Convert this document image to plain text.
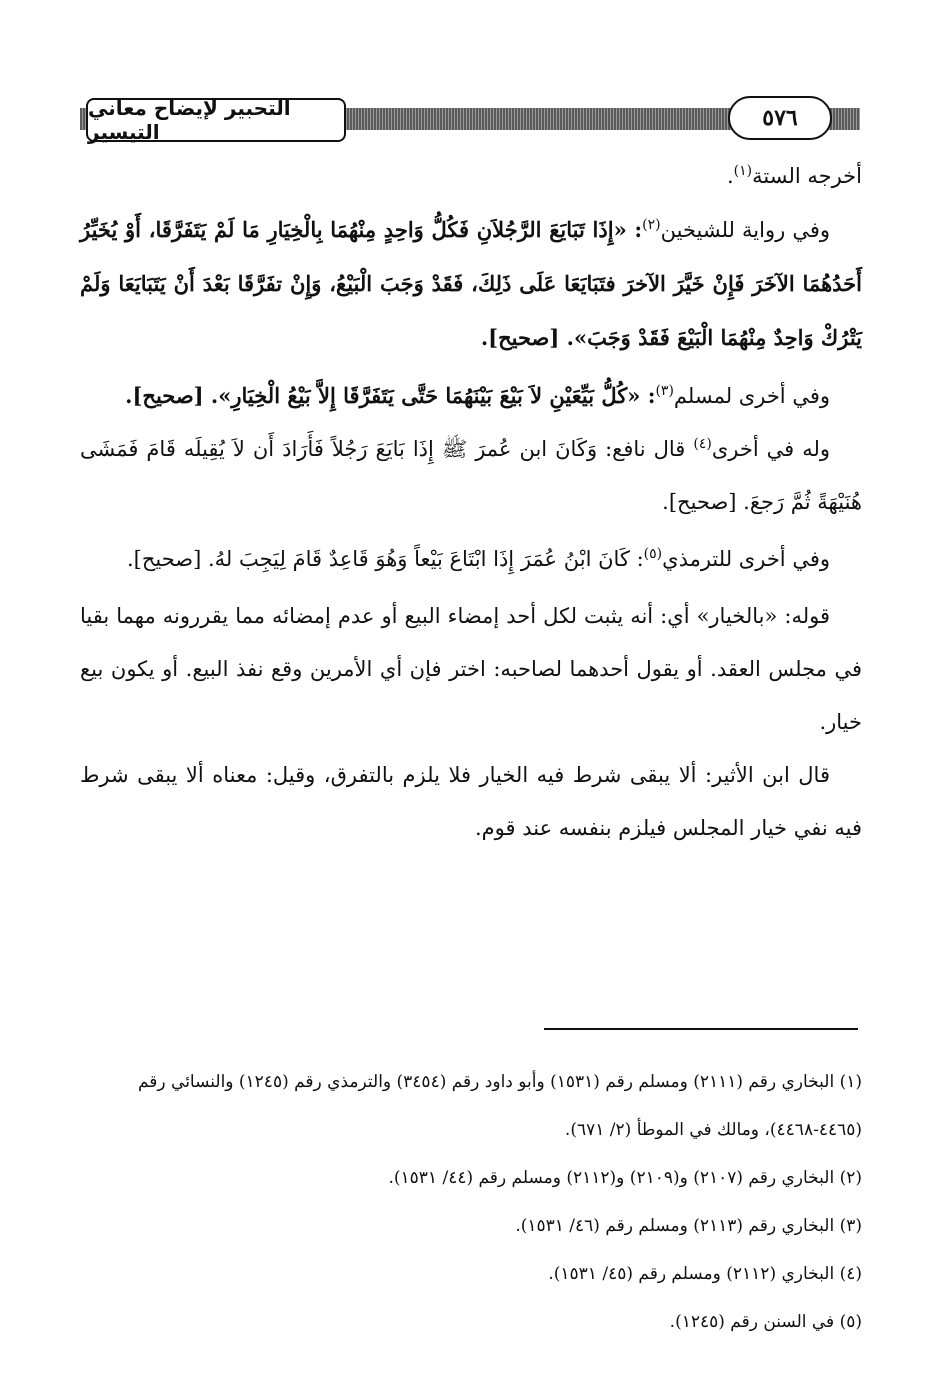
التحبير لإيضاح معاني التيسير
٥٧٦

أخرجه الستة$^{(١)}$.

وفي رواية للشيخين$^{(٢)}$: «إِذَا تَبَايَعَ الرَّجُلاَنِ فَكُلُّ وَاحِدٍ مِنْهُمَا بِالْخِيَارِ مَا لَمْ يَتَفَرَّقَا، أَوْ يُخَيِّرُ أَحَدُهُمَا الآخَرَ فَإِنْ خَيَّرَ الآخرَ فتَبَايَعَا عَلَى ذَلِكَ، فَقَدْ وَجَبَ الْبَيْعُ، وَإِنْ تفَرَّقَا بَعْدَ أَنْ يَتَبَايَعَا وَلَمْ يَتْرُكْ وَاحِدٌ مِنْهُمَا الْبَيْعَ فَقَدْ وَجَبَ». [صحيح].

وفي أخرى لمسلم$^{(٣)}$: «كُلُّ بَيِّعَيْنِ لاَ بَيْعَ بَيْنَهُمَا حَتَّى يَتَفَرَّقَا إِلاَّ بَيْعُ الْخِيَارِ». [صحيح].

وله في أخرى$^{(٤)}$ قال نافع: وَكَانَ ابن عُمرَ ﷺ إِذَا بَايَعَ رَجُلاً فَأَرَادَ أَن لاَ يُقِيلَه قَامَ فَمَشَى هُنَيْهَةً ثُمَّ رَجعَ. [صحيح].

وفي أخرى للترمذي$^{(٥)}$: كَانَ ابْنُ عُمَرَ إِذَا ابْتَاعَ بَيْعاً وَهُوَ قَاعِدٌ قَامَ لِيَجِبَ لهُ. [صحيح].

قوله: «بالخيار» أي: أنه يثبت لكل أحد إمضاء البيع أو عدم إمضائه مما يقررونه مهما بقيا في مجلس العقد. أو يقول أحدهما لصاحبه: اختر فإن أي الأمرين وقع نفذ البيع. أو يكون بيع خيار.

قال ابن الأثير: ألا يبقى شرط فيه الخيار فلا يلزم بالتفرق، وقيل: معناه ألا يبقى شرط فيه نفي خيار المجلس فيلزم بنفسه عند قوم.

(١) البخاري رقم (٢١١١) ومسلم رقم (١٥٣١) وأبو داود رقم (٣٤٥٤) والترمذي رقم (١٢٤٥) والنسائي رقم (٤٤٦٥-٤٤٦٨)، ومالك في الموطأ (٢/ ٦٧١).

(٢) البخاري رقم (٢١٠٧) و(٢١٠٩) و(٢١١٢) ومسلم رقم (٤٤/ ١٥٣١).

(٣) البخاري رقم (٢١١٣) ومسلم رقم (٤٦/ ١٥٣١).

(٤) البخاري (٢١١٢) ومسلم رقم (٤٥/ ١٥٣١).

(٥) في السنن رقم (١٢٤٥).
